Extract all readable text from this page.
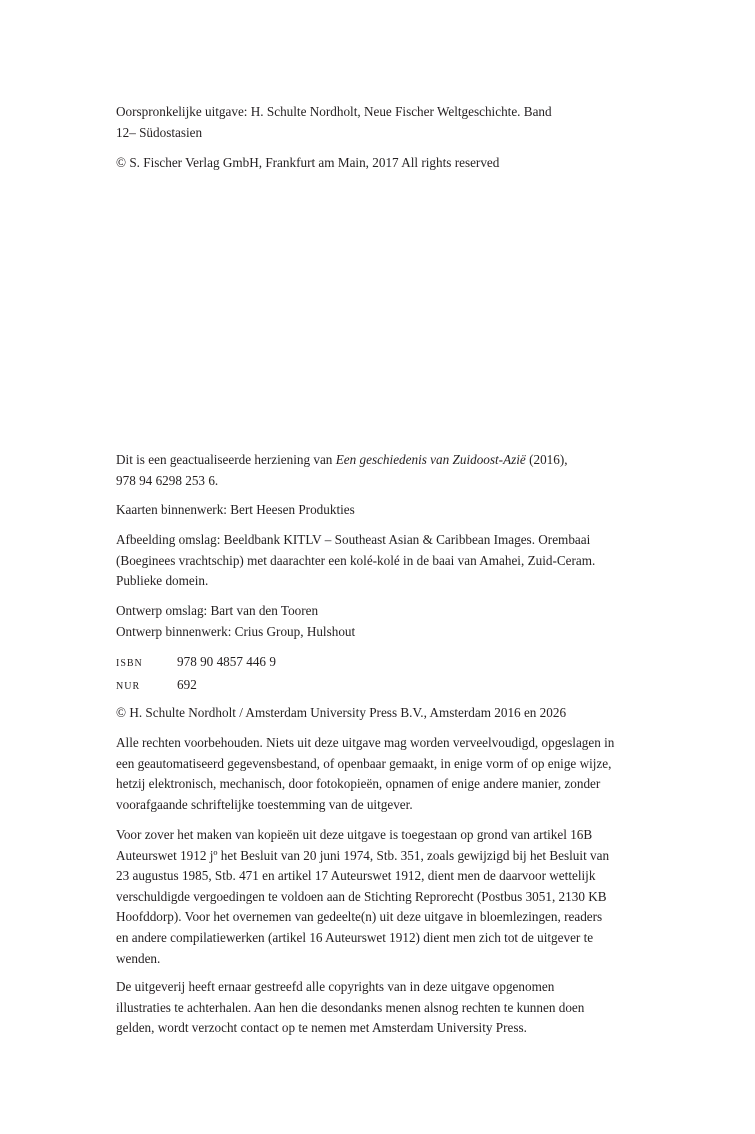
Oorspronkelijke uitgave: H. Schulte Nordholt, Neue Fischer Weltgeschichte. Band

12– Südostasien

© S. Fischer Verlag GmbH, Frankfurt am Main, 2017 All rights reserved

Dit is een geactualiseerde herziening van Een geschiedenis van Zuidoost-Azië (2016),

978 94 6298 253 6.

Kaarten binnenwerk: Bert Heesen Produkties

Afbeelding omslag: Beeldbank KITLV – Southeast Asian & Caribbean Images. Orembaai

(Boeginees vrachtschip) met daarachter een kolé-kolé in de baai van Amahei, Zuid-Ceram.

Publieke domein.

Ontwerp omslag: Bart van den Tooren

Ontwerp binnenwerk: Crius Group, Hulshout

ISBN	978 90 4857 446 9

NUR	692

© H. Schulte Nordholt / Amsterdam University Press B.V., Amsterdam 2016 en 2026

Alle rechten voorbehouden. Niets uit deze uitgave mag worden verveelvoudigd, opgeslagen in

een geautomatiseerd gegevensbestand, of openbaar gemaakt, in enige vorm of op enige wijze,

hetzij elektronisch, mechanisch, door fotokopieën, opnamen of enige andere manier, zonder

voorafgaande schriftelijke toestemming van de uitgever.

Voor zover het maken van kopieën uit deze uitgave is toegestaan op grond van artikel 16B

Auteurswet 1912 jº het Besluit van 20 juni 1974, Stb. 351, zoals gewijzigd bij het Besluit van

23 augustus 1985, Stb. 471 en artikel 17 Auteurswet 1912, dient men de daarvoor wettelijk

verschuldigde vergoedingen te voldoen aan de Stichting Reprorecht (Postbus 3051, 2130 KB

Hoofddorp). Voor het overnemen van gedeelte(n) uit deze uitgave in bloemlezingen, readers

en andere compilatiewerken (artikel 16 Auteurswet 1912) dient men zich tot de uitgever te

wenden.

De uitgeverij heeft ernaar gestreefd alle copyrights van in deze uitgave opgenomen

illustraties te achterhalen. Aan hen die desondanks menen alsnog rechten te kunnen doen

gelden, wordt verzocht contact op te nemen met Amsterdam University Press.
